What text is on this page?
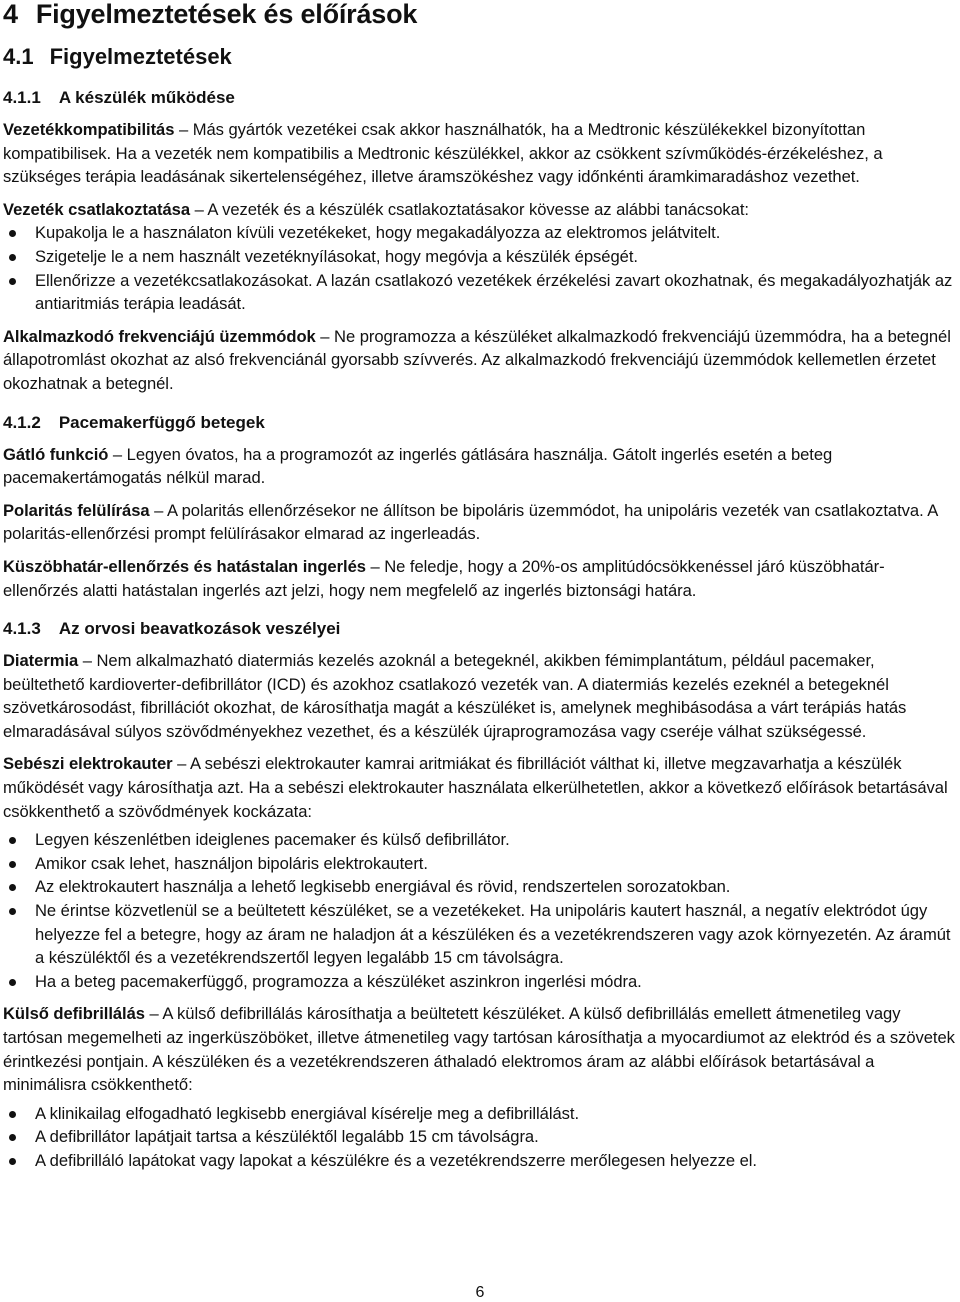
4 Figyelmeztetések és előírások
4.1 Figyelmeztetések
4.1.1 A készülék működése

Vezetékkompatibilitás – Más gyártók vezetékei csak akkor használhatók, ha a Medtronic készülékekkel bizonyítottan kompatibilisek. Ha a vezeték nem kompatibilis a Medtronic készülékkel, akkor az csökkent szívműködés-érzékeléshez, a szükséges terápia leadásának sikertelenségéhez, illetve áramszökéshez vagy időnkénti áramkimaradáshoz vezethet.

Vezeték csatlakoztatása – A vezeték és a készülék csatlakoztatásakor kövesse az alábbi tanácsokat:

Kupakolja le a használaton kívüli vezetékeket, hogy megakadályozza az elektromos jelátvitelt.
Szigetelje le a nem használt vezetéknyílásokat, hogy megóvja a készülék épségét.
Ellenőrizze a vezetékcsatlakozásokat. A lazán csatlakozó vezetékek érzékelési zavart okozhatnak, és megakadályozhatják az antiaritmiás terápia leadását.

Alkalmazkodó frekvenciájú üzemmódok – Ne programozza a készüléket alkalmazkodó frekvenciájú üzemmódra, ha a betegnél állapotromlást okozhat az alsó frekvenciánál gyorsabb szívverés. Az alkalmazkodó frekvenciájú üzemmódok kellemetlen érzetet okozhatnak a betegnél.

4.1.2 Pacemakerfüggő betegek

Gátló funkció – Legyen óvatos, ha a programozót az ingerlés gátlására használja. Gátolt ingerlés esetén a beteg pacemakertámogatás nélkül marad.

Polaritás felülírása – A polaritás ellenőrzésekor ne állítson be bipoláris üzemmódot, ha unipoláris vezeték van csatlakoztatva. A polaritás-ellenőrzési prompt felülírásakor elmarad az ingerleadás.

Küszöbhatár-ellenőrzés és hatástalan ingerlés – Ne feledje, hogy a 20%-os amplitúdócsökkenéssel járó küszöbhatár-ellenőrzés alatti hatástalan ingerlés azt jelzi, hogy nem megfelelő az ingerlés biztonsági határa.

4.1.3 Az orvosi beavatkozások veszélyei

Diatermia – Nem alkalmazható diatermiás kezelés azoknál a betegeknél, akikben fémimplantátum, például pacemaker, beültethető kardioverter-defibrillátor (ICD) és azokhoz csatlakozó vezeték van. A diatermiás kezelés ezeknél a betegeknél szövetkárosodást, fibrillációt okozhat, de károsíthatja magát a készüléket is, amelynek meghibásodása a várt terápiás hatás elmaradásával súlyos szövődményekhez vezethet, és a készülék újraprogramozása vagy cseréje válhat szükségessé.

Sebészi elektrokauter – A sebészi elektrokauter kamrai aritmiákat és fibrillációt válthat ki, illetve megzavarhatja a készülék működését vagy károsíthatja azt. Ha a sebészi elektrokauter használata elkerülhetetlen, akkor a következő előírások betartásával csökkenthető a szövődmények kockázata:

Legyen készenlétben ideiglenes pacemaker és külső defibrillátor.
Amikor csak lehet, használjon bipoláris elektrokautert.
Az elektrokautert használja a lehető legkisebb energiával és rövid, rendszertelen sorozatokban.
Ne érintse közvetlenül se a beültetett készüléket, se a vezetékeket. Ha unipoláris kautert használ, a negatív elektródot úgy helyezze fel a betegre, hogy az áram ne haladjon át a készüléken és a vezetékrendszeren vagy azok környezetén. Az áramút a készüléktől és a vezetékrendszertől legyen legalább 15 cm távolságra.
Ha a beteg pacemakerfüggő, programozza a készüléket aszinkron ingerlési módra.

Külső defibrillálás – A külső defibrillálás károsíthatja a beültetett készüléket. A külső defibrillálás emellett átmenetileg vagy tartósan megemelheti az ingerküszöböket, illetve átmenetileg vagy tartósan károsíthatja a myocardiumot az elektród és a szövetek érintkezési pontjain. A készüléken és a vezetékrendszeren áthaladó elektromos áram az alábbi előírások betartásával a minimálisra csökkenthető:

A klinikailag elfogadható legkisebb energiával kísérelje meg a defibrillálást.
A defibrillátor lapátjait tartsa a készüléktől legalább 15 cm távolságra.
A defibrilláló lapátokat vagy lapokat a készülékre és a vezetékrendszerre merőlegesen helyezze el.
6
